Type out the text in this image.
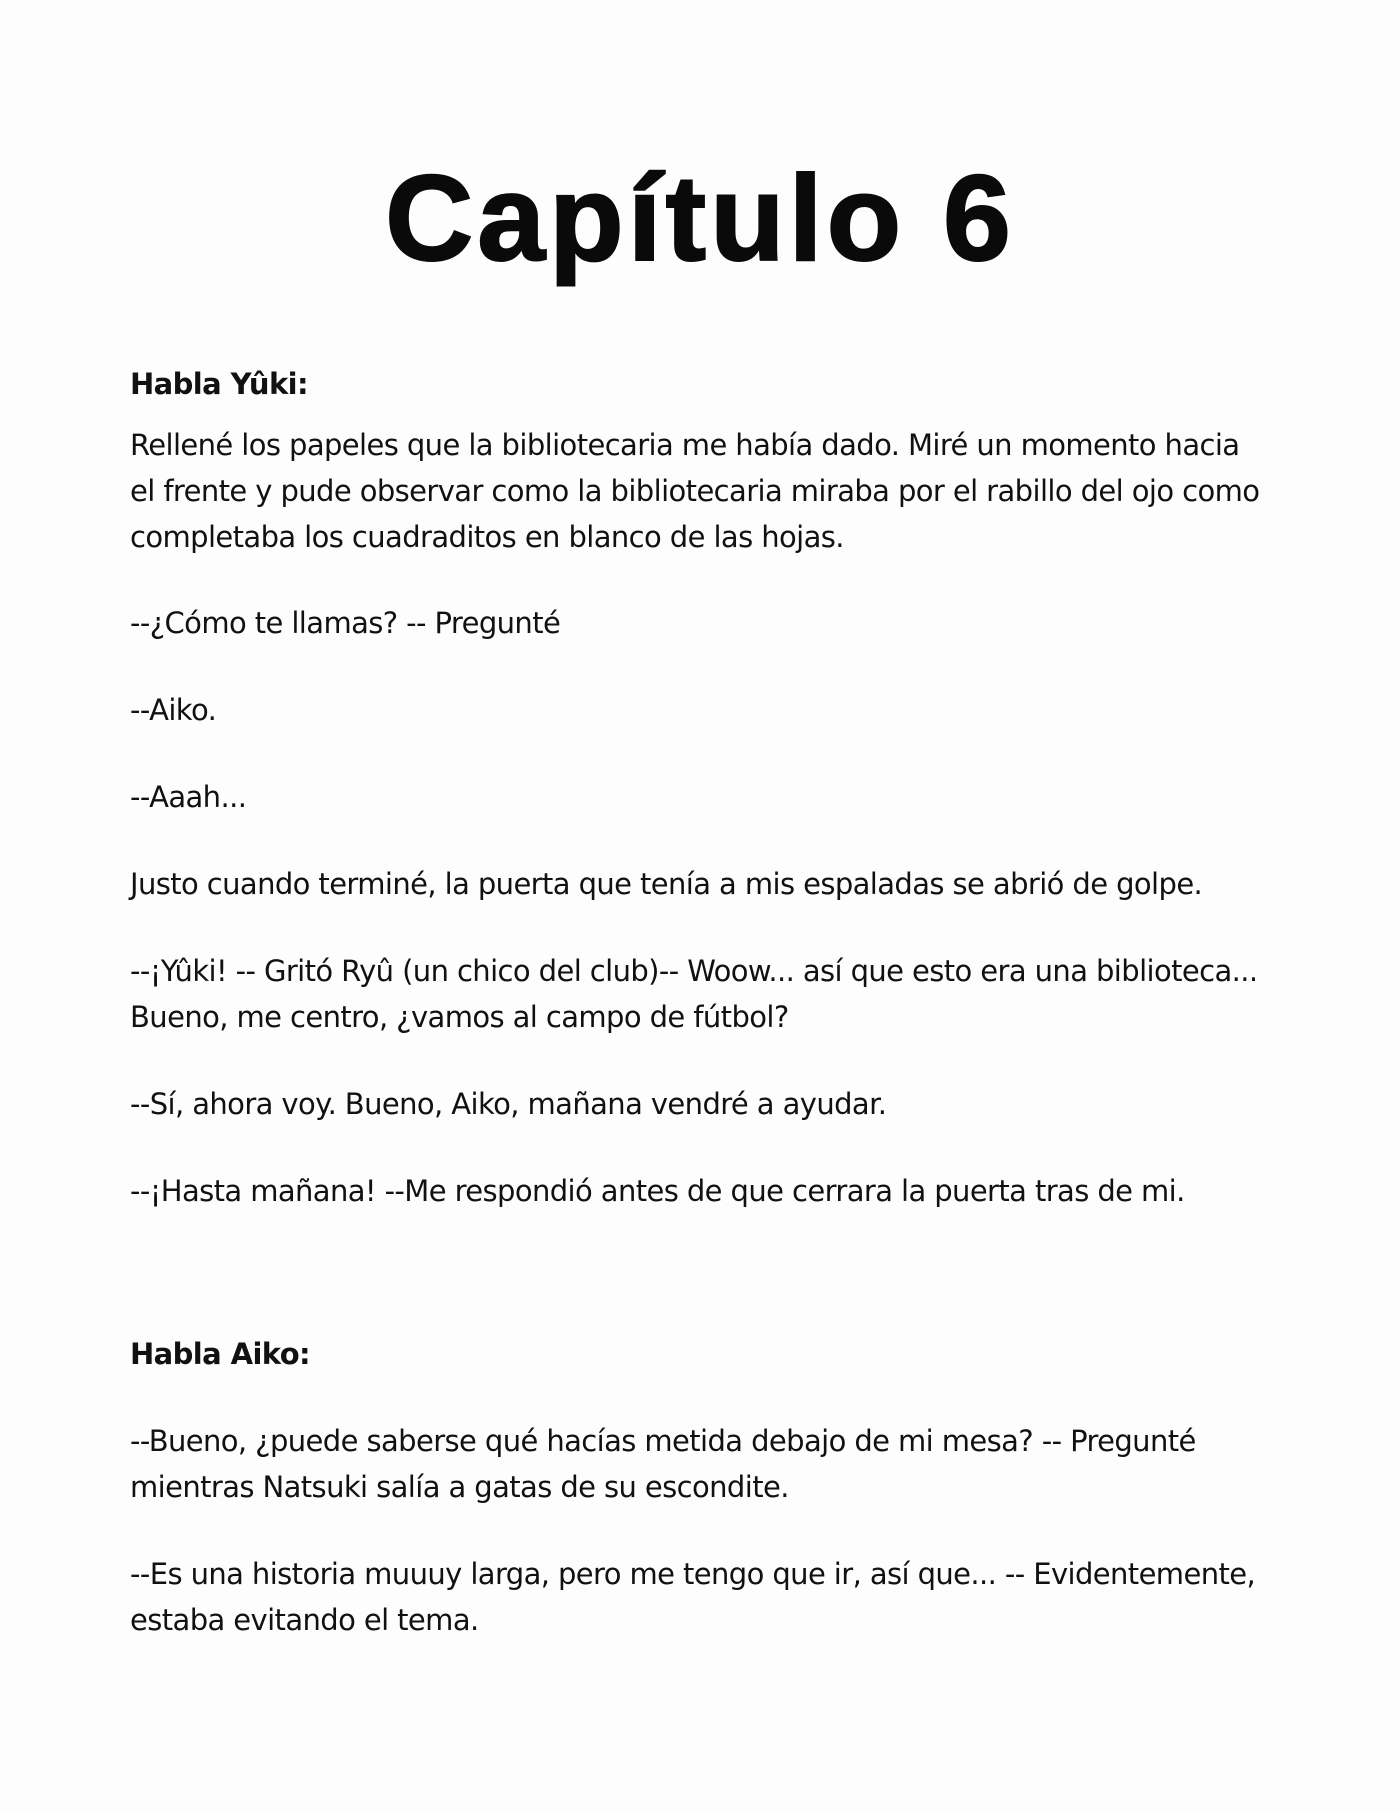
Capítulo 6

Habla Yûki:

Rellené los papeles que la bibliotecaria me había dado. Miré un momento hacia el frente y pude observar como la bibliotecaria miraba por el rabillo del ojo como completaba los cuadraditos en blanco de las hojas.

--¿Cómo te llamas? -- Pregunté

--Aiko.

--Aaah...

Justo cuando terminé, la puerta que tenía a mis espaladas se abrió de golpe.

--¡Yûki! -- Gritó Ryû (un chico del club)-- Woow... así que esto era una biblioteca... Bueno, me centro, ¿vamos al campo de fútbol?

--Sí, ahora voy. Bueno, Aiko, mañana vendré a ayudar.

--¡Hasta mañana! --Me respondió antes de que cerrara la puerta tras de mi.

Habla Aiko:

--Bueno, ¿puede saberse qué hacías metida debajo de mi mesa? -- Pregunté mientras Natsuki salía a gatas de su escondite.

--Es una historia muuuy larga, pero me tengo que ir, así que... -- Evidentemente, estaba evitando el tema.
